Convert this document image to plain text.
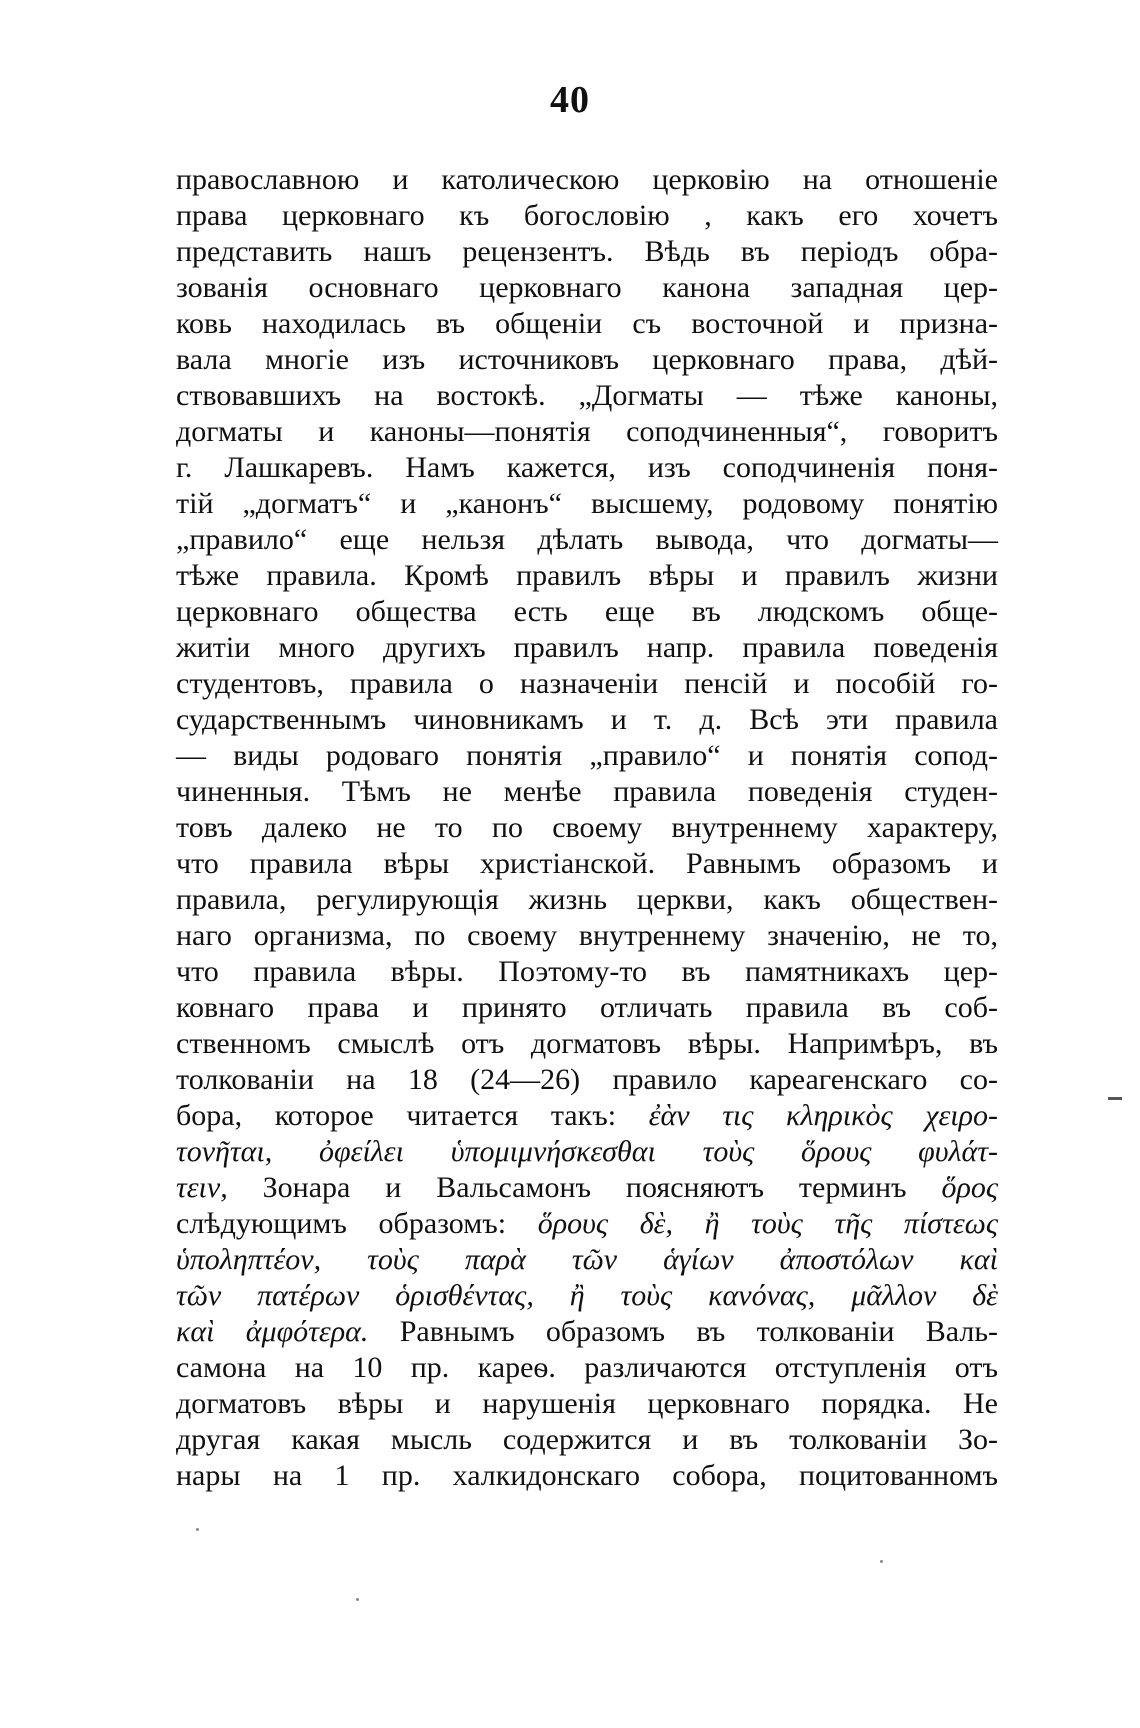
40
православною и католическою церковію на отношеніе
права церковнаго къ богословію , какъ его хочетъ
представить нашъ рецензентъ. Вѣдь въ періодъ обра-
зованія основнаго церковнаго канона западная цер-
ковь находилась въ общеніи съ восточной и призна-
вала многіе изъ источниковъ церковнаго права, дѣй-
ствовавшихъ на востокѣ. „Догматы — тѣже каноны,
догматы и каноны—понятія соподчиненныя“, говоритъ
г. Лашкаревъ. Намъ кажется, изъ соподчиненія поня-
тій „догматъ“ и „канонъ“ высшему, родовому понятію
„правило“ еще нельзя дѣлать вывода, что догматы—
тѣже правила. Кромѣ правилъ вѣры и правилъ жизни
церковнаго общества есть еще въ людскомъ обще-
житіи много другихъ правилъ напр. правила поведенія
студентовъ, правила о назначеніи пенсій и пособій го-
сударственнымъ чиновникамъ и т. д. Всѣ эти правила
— виды родоваго понятія „правило“ и понятія сопод-
чиненныя. Тѣмъ не менѣе правила поведенія студен-
товъ далеко не то по своему внутреннему характеру,
что правила вѣры христіанской. Равнымъ образомъ и
правила, регулирующія жизнь церкви, какъ обществен-
наго организма, по своему внутреннему значенію, не то,
что правила вѣры. Поэтому-то въ памятникахъ цер-
ковнаго права и принято отличать правила въ соб-
ственномъ смыслѣ отъ догматовъ вѣры. Напримѣръ, въ
толкованіи на 18 (24—26) правило кареагенскаго со-
бора, которое читается такъ: ἐὰν τις κληρικὸς χειρο-
τονῆται, ὀφείλει ὑπομιμνήσκεσθαι τοὺς ὅρους φυλάτ-
τειν, Зонара и Вальсамонъ поясняютъ терминъ ὅρος
слѣдующимъ образомъ: ὅρους δὲ, ἢ τοὺς τῆς πίστεως
ὑποληπτέον, τοὺς παρὰ τῶν ἁγίων ἀποστόλων καὶ
τῶν πατέρων ὁρισθέντας, ἢ τοὺς κανόνας, μᾶλλον δὲ
καὶ ἀμφότερα. Равнымъ образомъ въ толкованіи Валь-
самона на 10 пр. кареѳ. различаются отступленія отъ
догматовъ вѣры и нарушенія церковнаго порядка. Не
другая какая мысль содержится и въ толкованіи Зо-
нары на 1 пр. халкидонскаго собора, поцитованномъ
